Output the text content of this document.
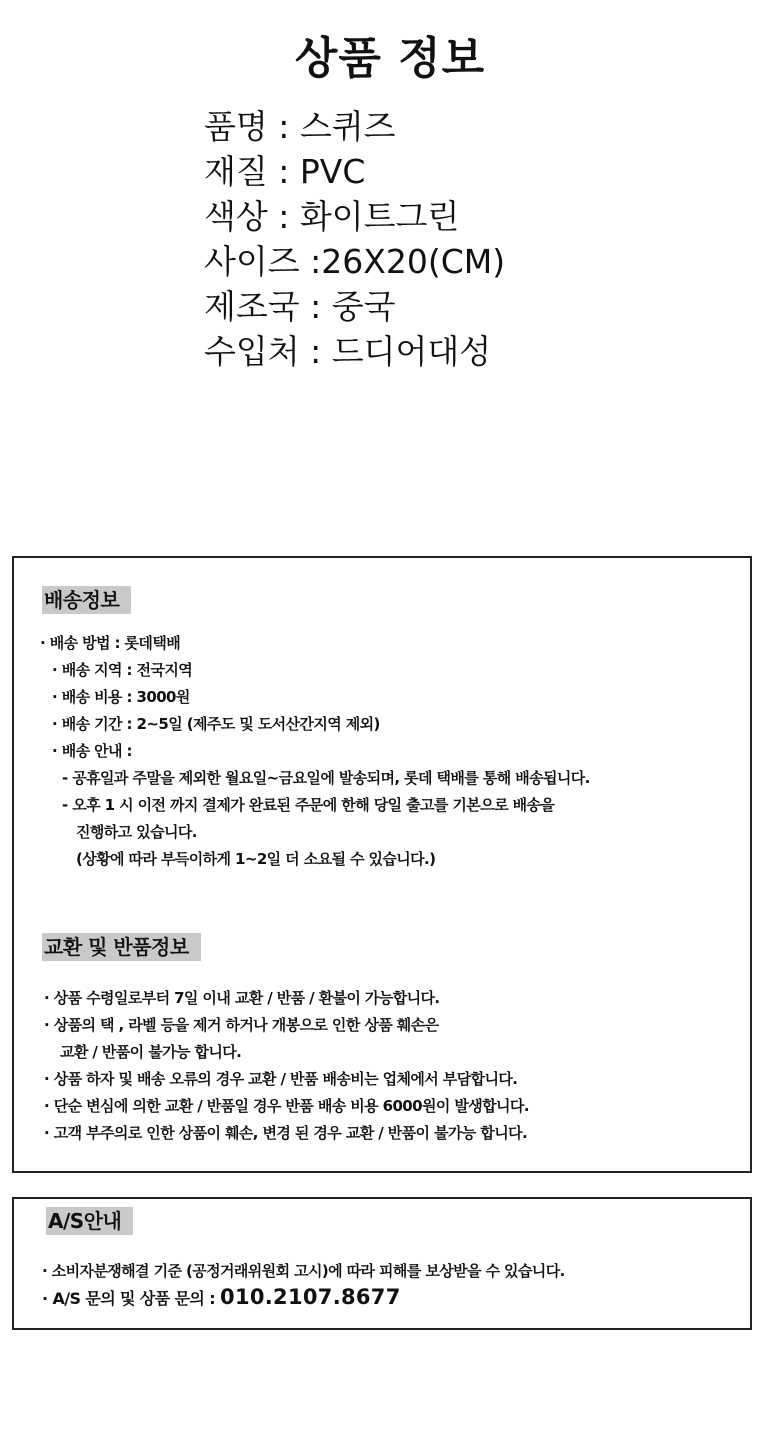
상품 정보
품명 : 스퀴즈
재질 : PVC
색상 : 화이트그린
사이즈 :26X20(CM)
제조국 : 중국
수입처 : 드디어대성
배송정보
· 배송 방법 : 롯데택배
· 배송 지역 : 전국지역
· 배송 비용 : 3000원
· 배송 기간 : 2~5일 (제주도 및 도서산간지역 제외)
· 배송 안내 :
- 공휴일과 주말을 제외한 월요일~금요일에 발송되며, 롯데 택배를 통해 배송됩니다.
- 오후 1 시 이전 까지 결제가 완료된 주문에 한해 당일 출고를 기본으로 배송을
진행하고 있습니다.
(상황에 따라 부득이하게 1~2일 더 소요될 수 있습니다.)
교환 및 반품정보
· 상품 수령일로부터 7일 이내 교환 / 반품 / 환불이 가능합니다.
· 상품의 택 , 라벨 등을 제거 하거나 개봉으로 인한 상품 훼손은
교환 / 반품이 불가능 합니다.
· 상품 하자 및 배송 오류의 경우 교환 / 반품 배송비는 업체에서 부담합니다.
· 단순 변심에 의한 교환 / 반품일 경우 반품 배송 비용 6000원이 발생합니다.
· 고객 부주의로 인한 상품이 훼손, 변경 된 경우 교환 / 반품이 불가능 합니다.
A/S안내
· 소비자분쟁해결 기준 (공정거래위원회 고시)에 따라 피해를 보상받을 수 있습니다.
· A/S 문의 및 상품 문의 : 010.2107.8677
